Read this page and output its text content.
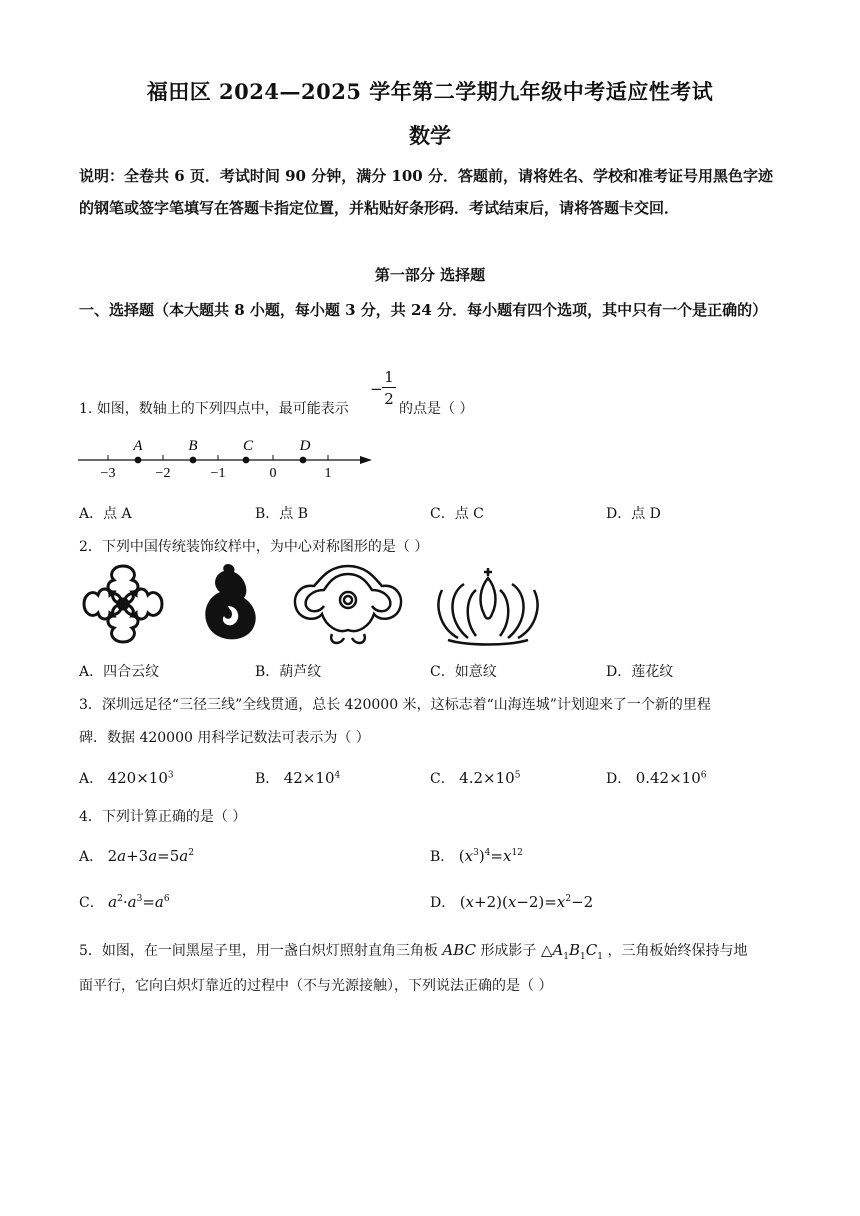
福田区 2024—2025 学年第二学期九年级中考适应性考试
数学
说明：全卷共 6 页．考试时间 90 分钟，满分 100 分．答题前，请将姓名、学校和准考证号用黑色字迹的钢笔或签字笔填写在答题卡指定位置，并粘贴好条形码．考试结束后，请将答题卡交回．
第一部分 选择题
一、选择题（本大题共 8 小题，每小题 3 分，共 24 分．每小题有四个选项，其中只有一个是正确的）
1. 如图，数轴上的下列四点中，最可能表示
−
1
2
的点是（ ）
A	B	C	D
−3	−2	−1	0	1
A．点 A	B．点 B	C．点 C	D．点 D
2．下列中国传统装饰纹样中，为中心对称图形的是（ ）
A．四合云纹	B．葫芦纹	C．如意纹	D．莲花纹
3．深圳远足径“三径三线”全线贯通，总长 420000 米，这标志着“山海连城”计划迎来了一个新的里程
碑．数据 420000 用科学记数法可表示为（ ）
A． $420\times 10^3$	B． $42\times 10^4$	C． $4.2\times 10^5$	D． $0.42\times 10^6$
4．下列计算正确的是（ ）
A． $2a+3a=5a^2$	B． $(x^3)^4=x^{12}$
C． $a^2\cdot a^3=a^6$	D． $(x+2)(x-2)=x^2-2$
5．如图，在一间黑屋子里，用一盏白炽灯照射直角三角板 ABC 形成影子 $\triangle A_1B_1C_1$ ，三角板始终保持与地
面平行，它向白炽灯靠近的过程中（不与光源接触），下列说法正确的是（ ）
